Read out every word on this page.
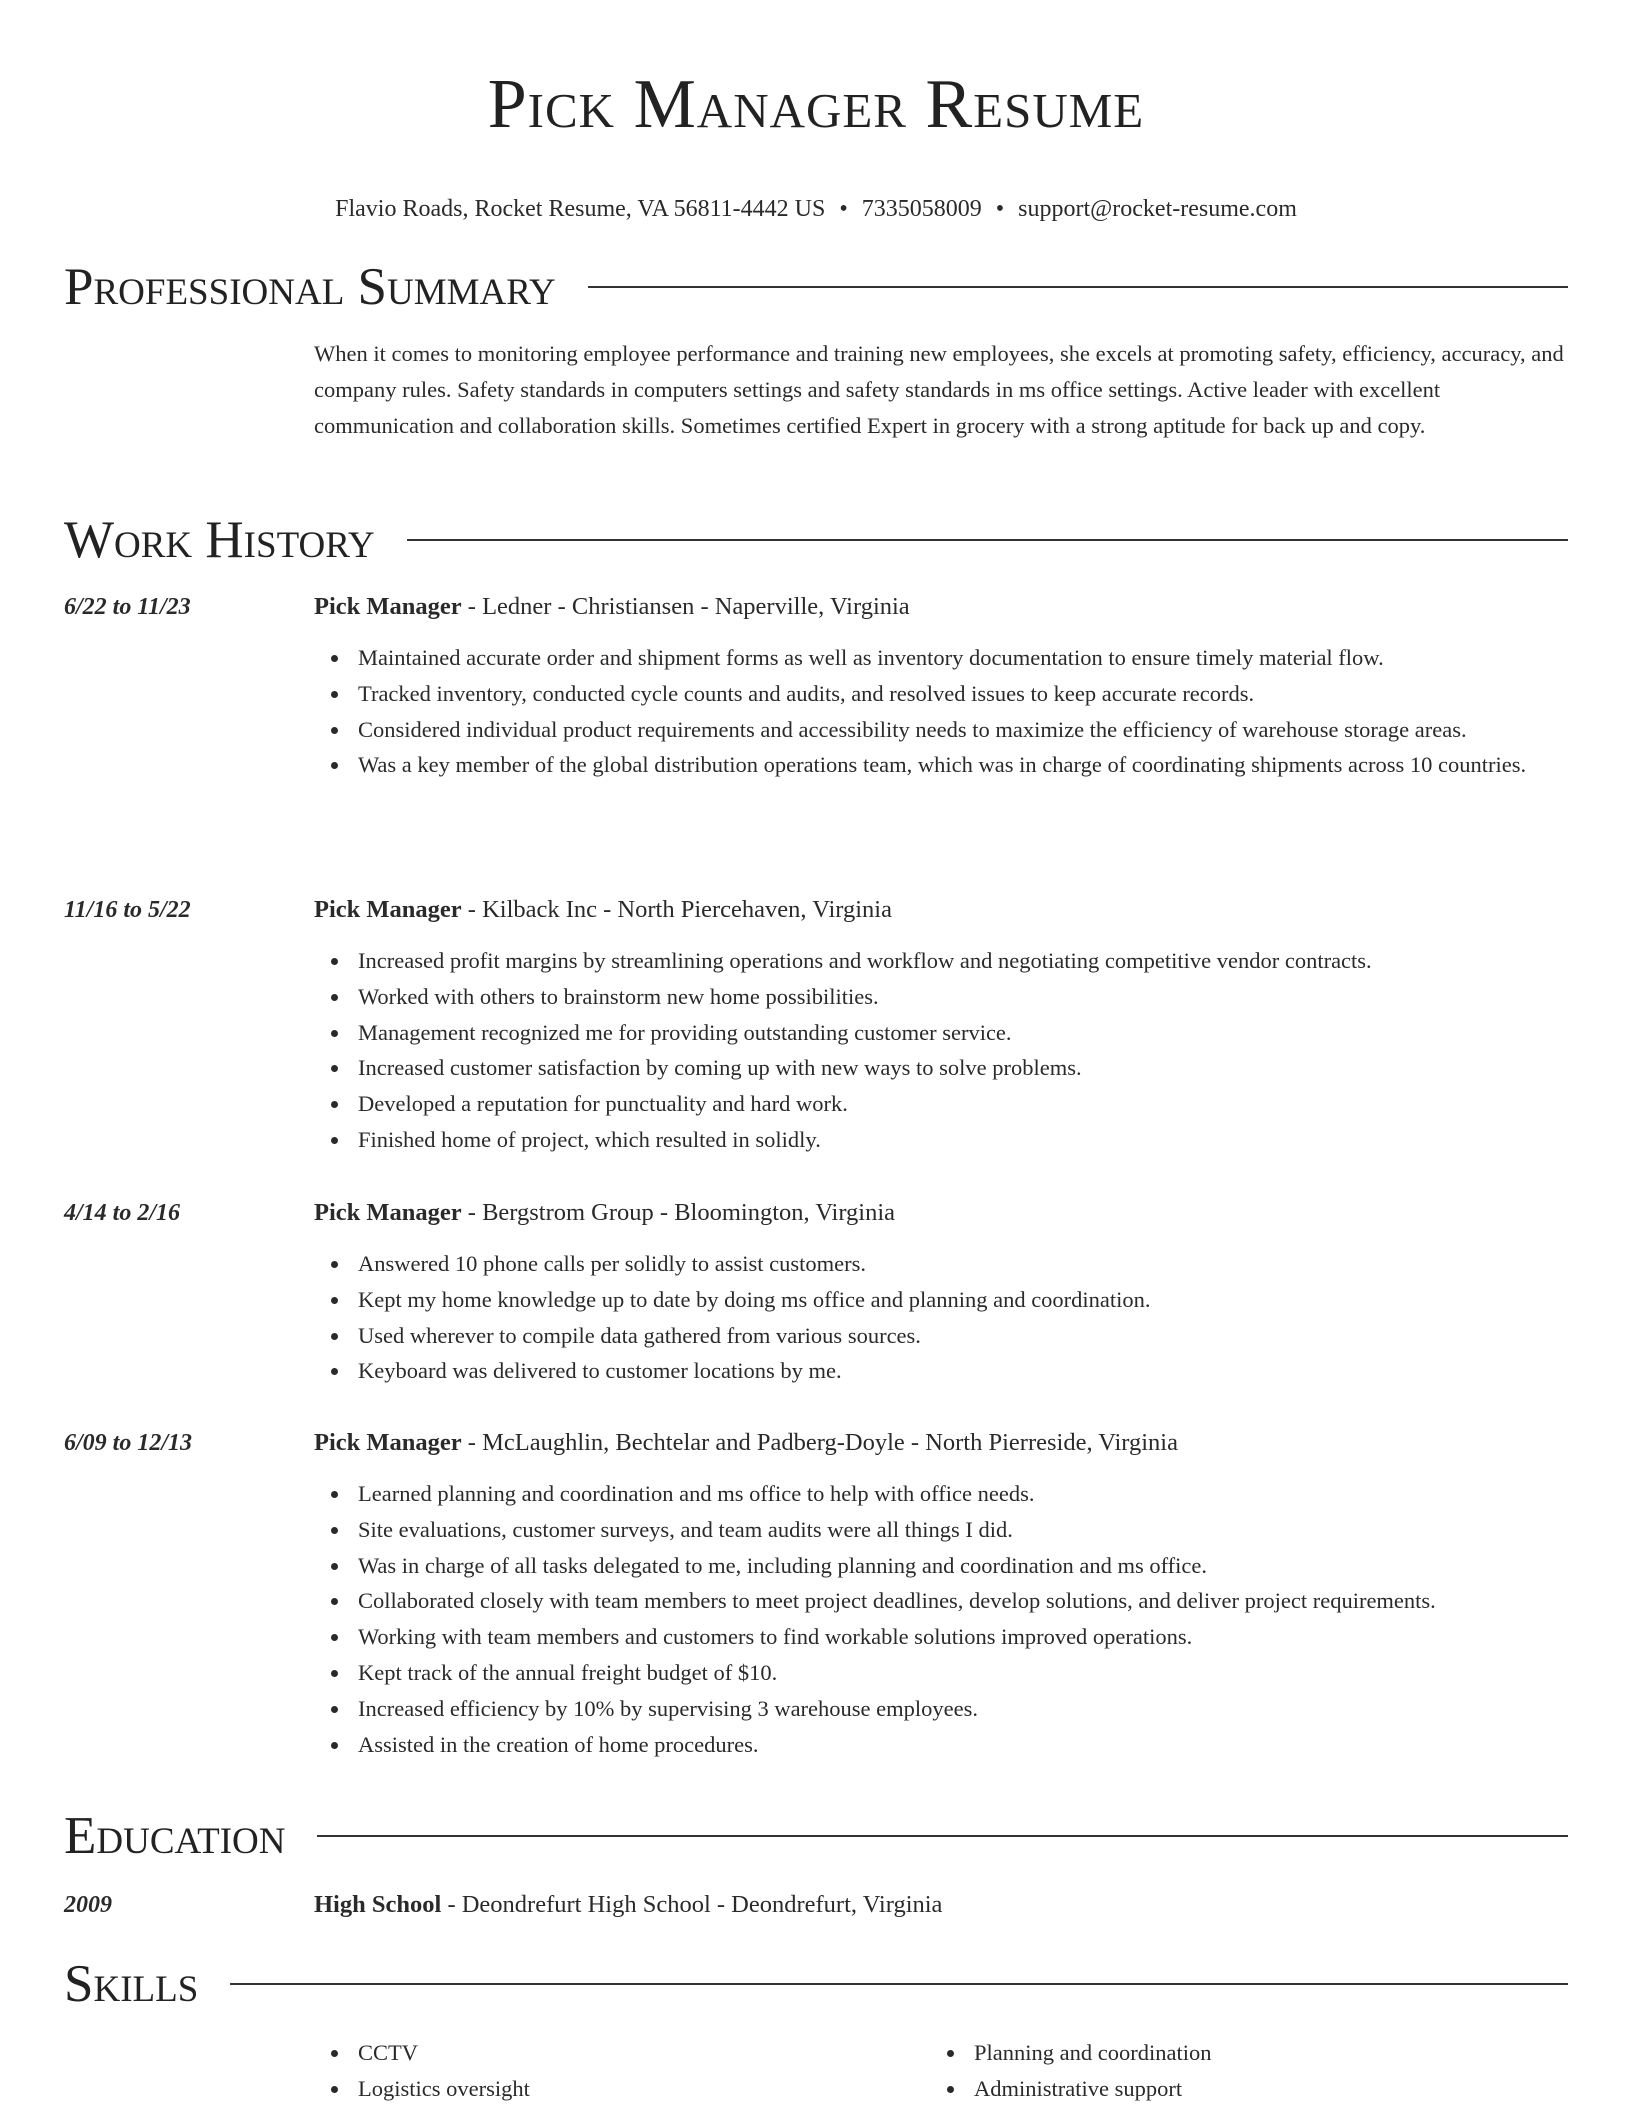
Pick Manager Resume
Flavio Roads, Rocket Resume, VA 56811-4442 US • 7335058009 • support@rocket-resume.com
Professional Summary

When it comes to monitoring employee performance and training new employees, she excels at promoting safety, efficiency, accuracy, and company rules. Safety standards in computers settings and safety standards in ms office settings. Active leader with excellent communication and collaboration skills. Sometimes certified Expert in grocery with a strong aptitude for back up and copy.

Work History
6/22 to 11/23	Pick Manager - Ledner - Christiansen - Naperville, Virginia
Maintained accurate order and shipment forms as well as inventory documentation to ensure timely material flow.
Tracked inventory, conducted cycle counts and audits, and resolved issues to keep accurate records.
Considered individual product requirements and accessibility needs to maximize the efficiency of warehouse storage areas.
Was a key member of the global distribution operations team, which was in charge of coordinating shipments across 10 countries.
11/16 to 5/22	Pick Manager - Kilback Inc - North Piercehaven, Virginia
Increased profit margins by streamlining operations and workflow and negotiating competitive vendor contracts.
Worked with others to brainstorm new home possibilities.
Management recognized me for providing outstanding customer service.
Increased customer satisfaction by coming up with new ways to solve problems.
Developed a reputation for punctuality and hard work.
Finished home of project, which resulted in solidly.
4/14 to 2/16	Pick Manager - Bergstrom Group - Bloomington, Virginia
Answered 10 phone calls per solidly to assist customers.
Kept my home knowledge up to date by doing ms office and planning and coordination.
Used wherever to compile data gathered from various sources.
Keyboard was delivered to customer locations by me.
6/09 to 12/13	Pick Manager - McLaughlin, Bechtelar and Padberg-Doyle - North Pierreside, Virginia
Learned planning and coordination and ms office to help with office needs.
Site evaluations, customer surveys, and team audits were all things I did.
Was in charge of all tasks delegated to me, including planning and coordination and ms office.
Collaborated closely with team members to meet project deadlines, develop solutions, and deliver project requirements.
Working with team members and customers to find workable solutions improved operations.
Kept track of the annual freight budget of $10.
Increased efficiency by 10% by supervising 3 warehouse employees.
Assisted in the creation of home procedures.
Education
2009	High School - Deondrefurt High School - Deondrefurt, Virginia
Skills
CCTV
Logistics oversight
Planning and coordination
Administrative support
